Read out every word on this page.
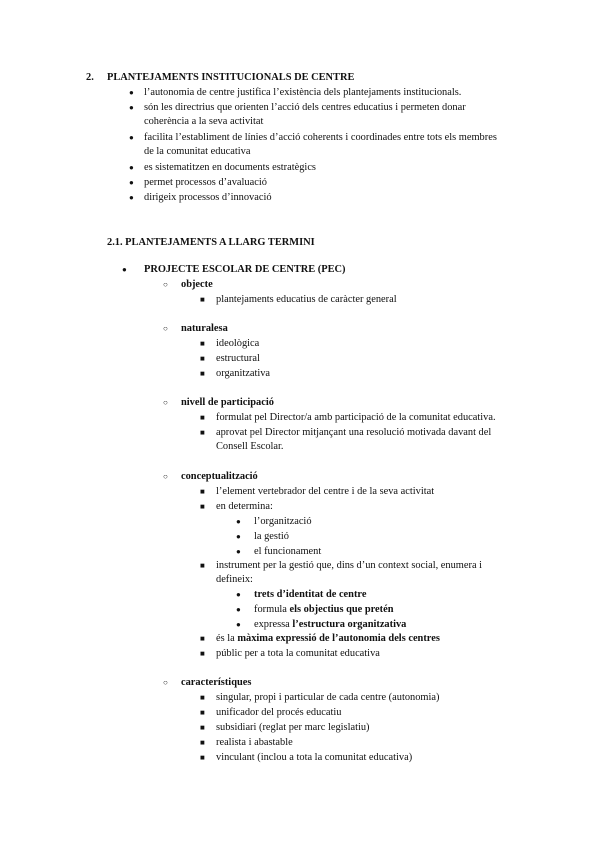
2. PLANTEJAMENTS INSTITUCIONALS DE CENTRE
● l’autonomia de centre justifica l’existència dels plantejaments institucionals.
● són les directrius que orienten l’acció dels centres educatius i permeten donar
coherència a la seva activitat
● facilita l’establiment de línies d’acció coherents i coordinades entre tots els membres
de la comunitat educativa
● es sistematitzen en documents estratègics
● permet processos d’avaluació
● dirigeix processos d’innovació
2.1. PLANTEJAMENTS A LLARG TERMINI
● PROJECTE ESCOLAR DE CENTRE (PEC)
○ objecte
■ plantejaments educatius de caràcter general
○ naturalesa
■ ideològica
■ estructural
■ organitzativa
○ nivell de participació
■ formulat pel Director/a amb participació de la comunitat educativa.
■ aprovat pel Director mitjançant una resolució motivada davant del
Consell Escolar.
○ conceptualització
■ l’element vertebrador del centre i de la seva activitat
■ en determina:
● l’organització
● la gestió
● el funcionament
■ instrument per la gestió que, dins d’un context social, enumera i
defineix:
● trets d’identitat de centre
● formula els objectius que pretén
● expressa l’estructura organitzativa
■ és la màxima expressió de l’autonomia dels centres
■ públic per a tota la comunitat educativa
○ característiques
■ singular, propi i particular de cada centre (autonomia)
■ unificador del procés educatiu
■ subsidiari (reglat per marc legislatiu)
■ realista i abastable
■ vinculant (inclou a tota la comunitat educativa)
